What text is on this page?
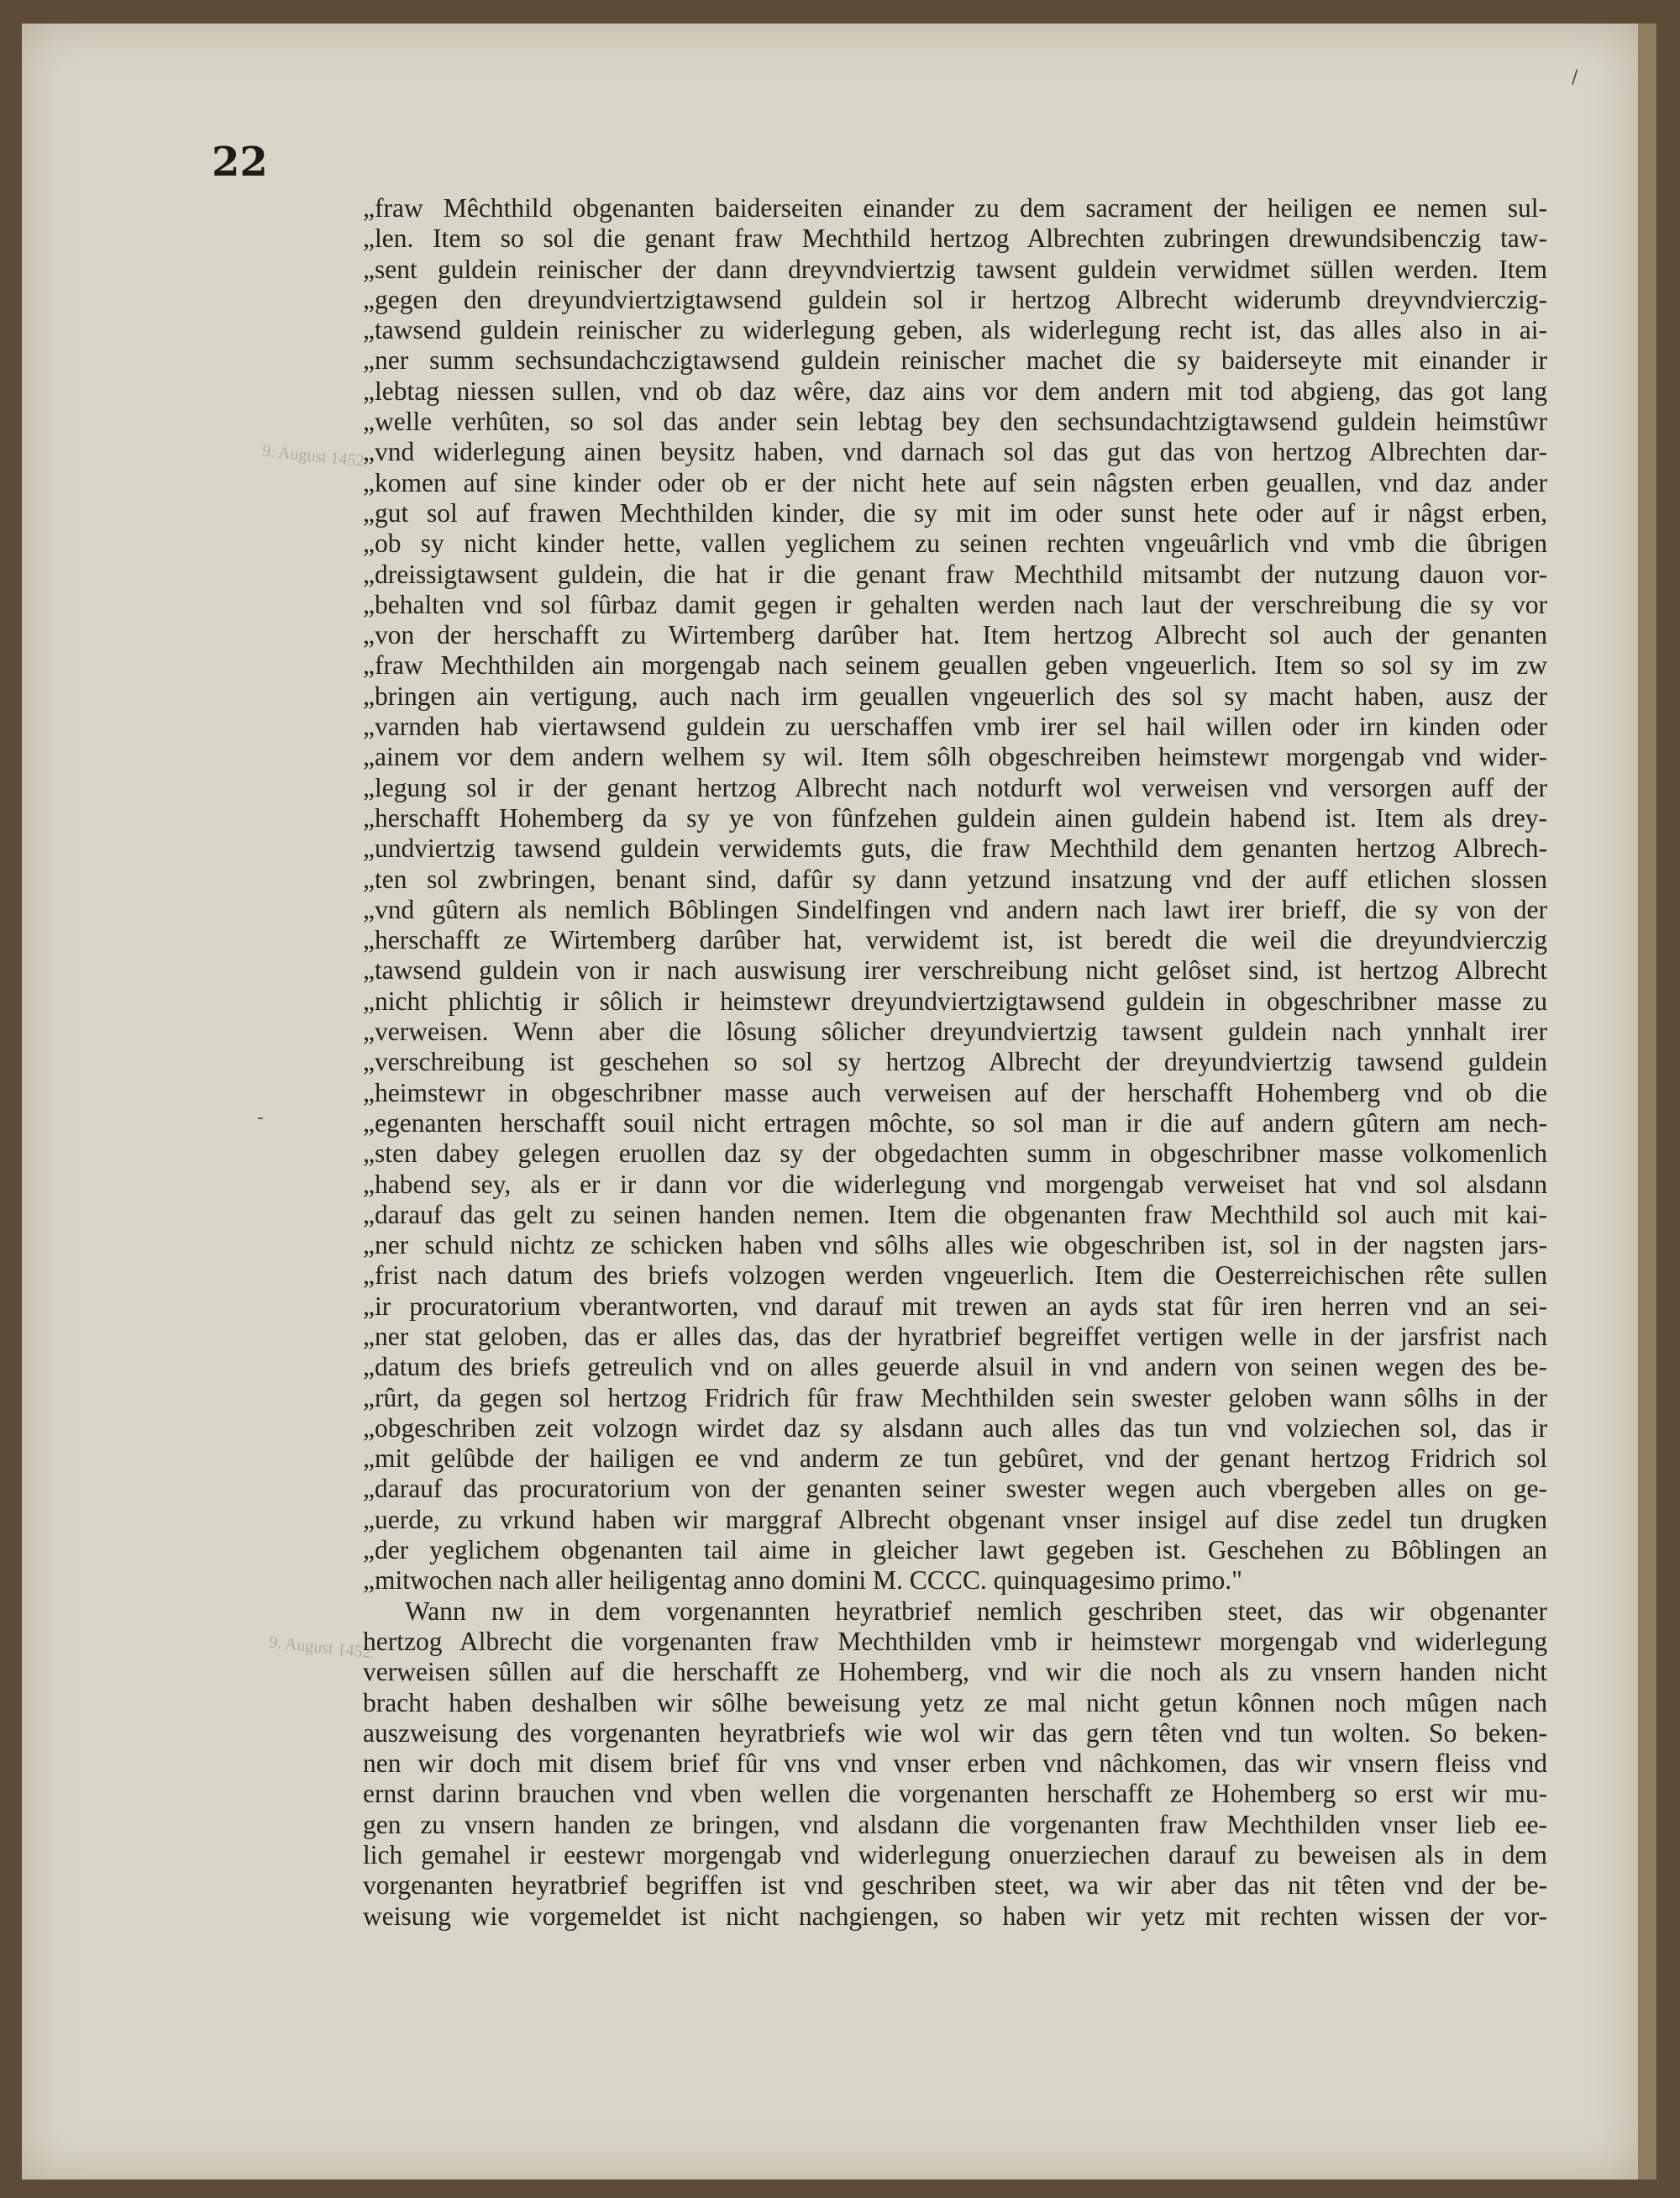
/
-
22
9. August 1452.
9. August 1452.
„fraw Mêchthild obgenanten baiderseiten einander zu dem sacrament der heiligen ee nemen sul-
„len. Item so sol die genant fraw Mechthild hertzog Albrechten zubringen drewundsibenczig taw-
„sent guldein reinischer der dann dreyvndviertzig tawsent guldein verwidmet süllen werden. Item
„gegen den dreyundviertzigtawsend guldein sol ir hertzog Albrecht widerumb dreyvndvierczig-
„tawsend guldein reinischer zu widerlegung geben, als widerlegung recht ist, das alles also in ai-
„ner summ sechsundachczigtawsend guldein reinischer machet die sy baiderseyte mit einander ir
„lebtag niessen sullen, vnd ob daz wêre, daz ains vor dem andern mit tod abgieng, das got lang
„welle verhûten, so sol das ander sein lebtag bey den sechsundachtzigtawsend guldein heimstûwr
„vnd widerlegung ainen beysitz haben, vnd darnach sol das gut das von hertzog Albrechten dar-
„komen auf sine kinder oder ob er der nicht hete auf sein nâgsten erben geuallen, vnd daz ander
„gut sol auf frawen Mechthilden kinder, die sy mit im oder sunst hete oder auf ir nâgst erben,
„ob sy nicht kinder hette, vallen yeglichem zu seinen rechten vngeuârlich vnd vmb die ûbrigen
„dreissigtawsent guldein, die hat ir die genant fraw Mechthild mitsambt der nutzung dauon vor-
„behalten vnd sol fûrbaz damit gegen ir gehalten werden nach laut der verschreibung die sy vor
„von der herschafft zu Wirtemberg darûber hat. Item hertzog Albrecht sol auch der genanten
„fraw Mechthilden ain morgengab nach seinem geuallen geben vngeuerlich. Item so sol sy im zw
„bringen ain vertigung, auch nach irm geuallen vngeuerlich des sol sy macht haben, ausz der
„varnden hab viertawsend guldein zu uerschaffen vmb irer sel hail willen oder irn kinden oder
„ainem vor dem andern welhem sy wil. Item sôlh obgeschreiben heimstewr morgengab vnd wider-
„legung sol ir der genant hertzog Albrecht nach notdurft wol verweisen vnd versorgen auff der
„herschafft Hohemberg da sy ye von fûnfzehen guldein ainen guldein habend ist. Item als drey-
„undviertzig tawsend guldein verwidemts guts, die fraw Mechthild dem genanten hertzog Albrech-
„ten sol zwbringen, benant sind, dafûr sy dann yetzund insatzung vnd der auff etlichen slossen
„vnd gûtern als nemlich Bôblingen Sindelfingen vnd andern nach lawt irer brieff, die sy von der
„herschafft ze Wirtemberg darûber hat, verwidemt ist, ist beredt die weil die dreyundvierczig
„tawsend guldein von ir nach auswisung irer verschreibung nicht gelôset sind, ist hertzog Albrecht
„nicht phlichtig ir sôlich ir heimstewr dreyundviertzigtawsend guldein in obgeschribner masse zu
„verweisen. Wenn aber die lôsung sôlicher dreyundviertzig tawsent guldein nach ynnhalt irer
„verschreibung ist geschehen so sol sy hertzog Albrecht der dreyundviertzig tawsend guldein
„heimstewr in obgeschribner masse auch verweisen auf der herschafft Hohemberg vnd ob die
„egenanten herschafft souil nicht ertragen môchte, so sol man ir die auf andern gûtern am nech-
„sten dabey gelegen eruollen daz sy der obgedachten summ in obgeschribner masse volkomenlich
„habend sey, als er ir dann vor die widerlegung vnd morgengab verweiset hat vnd sol alsdann
„darauf das gelt zu seinen handen nemen. Item die obgenanten fraw Mechthild sol auch mit kai-
„ner schuld nichtz ze schicken haben vnd sôlhs alles wie obgeschriben ist, sol in der nagsten jars-
„frist nach datum des briefs volzogen werden vngeuerlich. Item die Oesterreichischen rête sullen
„ir procuratorium vberantworten, vnd darauf mit trewen an ayds stat fûr iren herren vnd an sei-
„ner stat geloben, das er alles das, das der hyratbrief begreiffet vertigen welle in der jarsfrist nach
„datum des briefs getreulich vnd on alles geuerde alsuil in vnd andern von seinen wegen des be-
„rûrt, da gegen sol hertzog Fridrich fûr fraw Mechthilden sein swester geloben wann sôlhs in der
„obgeschriben zeit volzogn wirdet daz sy alsdann auch alles das tun vnd volziechen sol, das ir
„mit gelûbde der hailigen ee vnd anderm ze tun gebûret, vnd der genant hertzog Fridrich sol
„darauf das procuratorium von der genanten seiner swester wegen auch vbergeben alles on ge-
„uerde, zu vrkund haben wir marggraf Albrecht obgenant vnser insigel auf dise zedel tun drugken
„der yeglichem obgenanten tail aime in gleicher lawt gegeben ist. Geschehen zu Bôblingen an
„mitwochen nach aller heiligentag anno domini M. CCCC. quinquagesimo primo."
Wann nw in dem vorgenannten heyratbrief nemlich geschriben steet, das wir obgenanter
hertzog Albrecht die vorgenanten fraw Mechthilden vmb ir heimstewr morgengab vnd widerlegung
verweisen sûllen auf die herschafft ze Hohemberg, vnd wir die noch als zu vnsern handen nicht
bracht haben deshalben wir sôlhe beweisung yetz ze mal nicht getun kônnen noch mûgen nach
auszweisung des vorgenanten heyratbriefs wie wol wir das gern têten vnd tun wolten. So beken-
nen wir doch mit disem brief fûr vns vnd vnser erben vnd nâchkomen, das wir vnsern fleiss vnd
ernst darinn brauchen vnd vben wellen die vorgenanten herschafft ze Hohemberg so erst wir mu-
gen zu vnsern handen ze bringen, vnd alsdann die vorgenanten fraw Mechthilden vnser lieb ee-
lich gemahel ir eestewr morgengab vnd widerlegung onuerziechen darauf zu beweisen als in dem
vorgenanten heyratbrief begriffen ist vnd geschriben steet, wa wir aber das nit têten vnd der be-
weisung wie vorgemeldet ist nicht nachgiengen, so haben wir yetz mit rechten wissen der vor-
